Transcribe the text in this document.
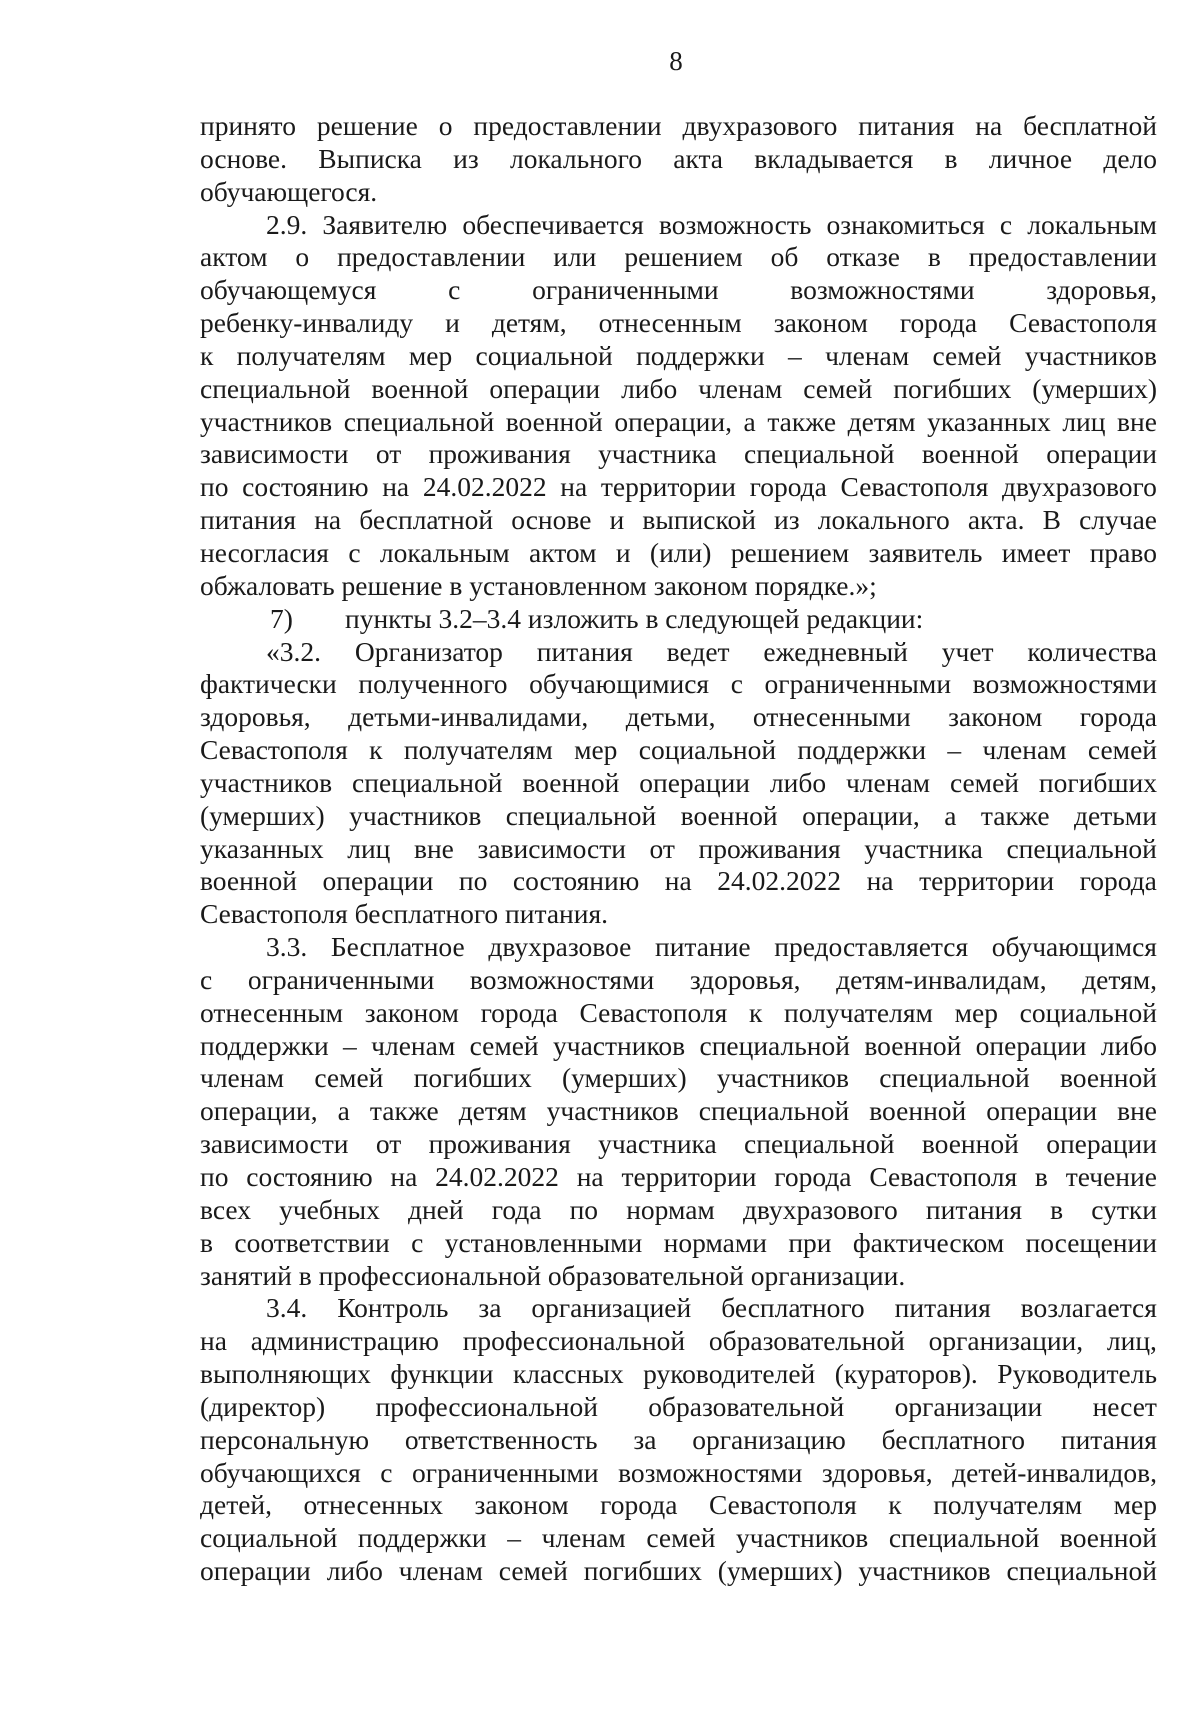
8
принято решение о предоставлении двухразового питания на бесплатной
основе. Выписка из локального акта вкладывается в личное дело
обучающегося.
2.9. Заявителю обеспечивается возможность ознакомиться с локальным
актом о предоставлении или решением об отказе в предоставлении
обучающемуся	с	ограниченными	возможностями	здоровья,
ребенку-инвалиду и детям, отнесенным законом города Севастополя
к получателям мер социальной поддержки – членам семей участников
специальной военной операции либо членам семей погибших (умерших)
участников специальной военной операции, а также детям указанных лиц вне
зависимости от проживания участника специальной военной операции
по состоянию на 24.02.2022 на территории города Севастополя двухразового
питания на бесплатной основе и выпиской из локального акта. В случае
несогласия с локальным актом и (или) решением заявитель имеет право
обжаловать решение в установленном законом порядке.»;
7)	пункты 3.2–3.4 изложить в следующей редакции:
«3.2. Организатор питания ведет ежедневный учет количества
фактически полученного обучающимися с ограниченными возможностями
здоровья, детьми-инвалидами, детьми, отнесенными законом города
Севастополя к получателям мер социальной поддержки – членам семей
участников специальной военной операции либо членам семей погибших
(умерших) участников специальной военной операции, а также детьми
указанных лиц вне зависимости от проживания участника специальной
военной операции по состоянию на 24.02.2022 на территории города
Севастополя бесплатного питания.
3.3. Бесплатное двухразовое питание предоставляется обучающимся
с ограниченными возможностями здоровья, детям-инвалидам, детям,
отнесенным законом города Севастополя к получателям мер социальной
поддержки – членам семей участников специальной военной операции либо
членам семей погибших (умерших) участников специальной военной
операции, а также детям участников специальной военной операции вне
зависимости от проживания участника специальной военной операции
по состоянию на 24.02.2022 на территории города Севастополя в течение
всех учебных дней года по нормам двухразового питания в сутки
в соответствии с установленными нормами при фактическом посещении
занятий в профессиональной образовательной организации.
3.4. Контроль за организацией бесплатного питания возлагается
на администрацию профессиональной образовательной организации, лиц,
выполняющих функции классных руководителей (кураторов). Руководитель
(директор) профессиональной образовательной организации несет
персональную ответственность за организацию бесплатного питания
обучающихся с ограниченными возможностями здоровья, детей-инвалидов,
детей, отнесенных законом города Севастополя к получателям мер
социальной поддержки – членам семей участников специальной военной
операции либо членам семей погибших (умерших) участников специальной
